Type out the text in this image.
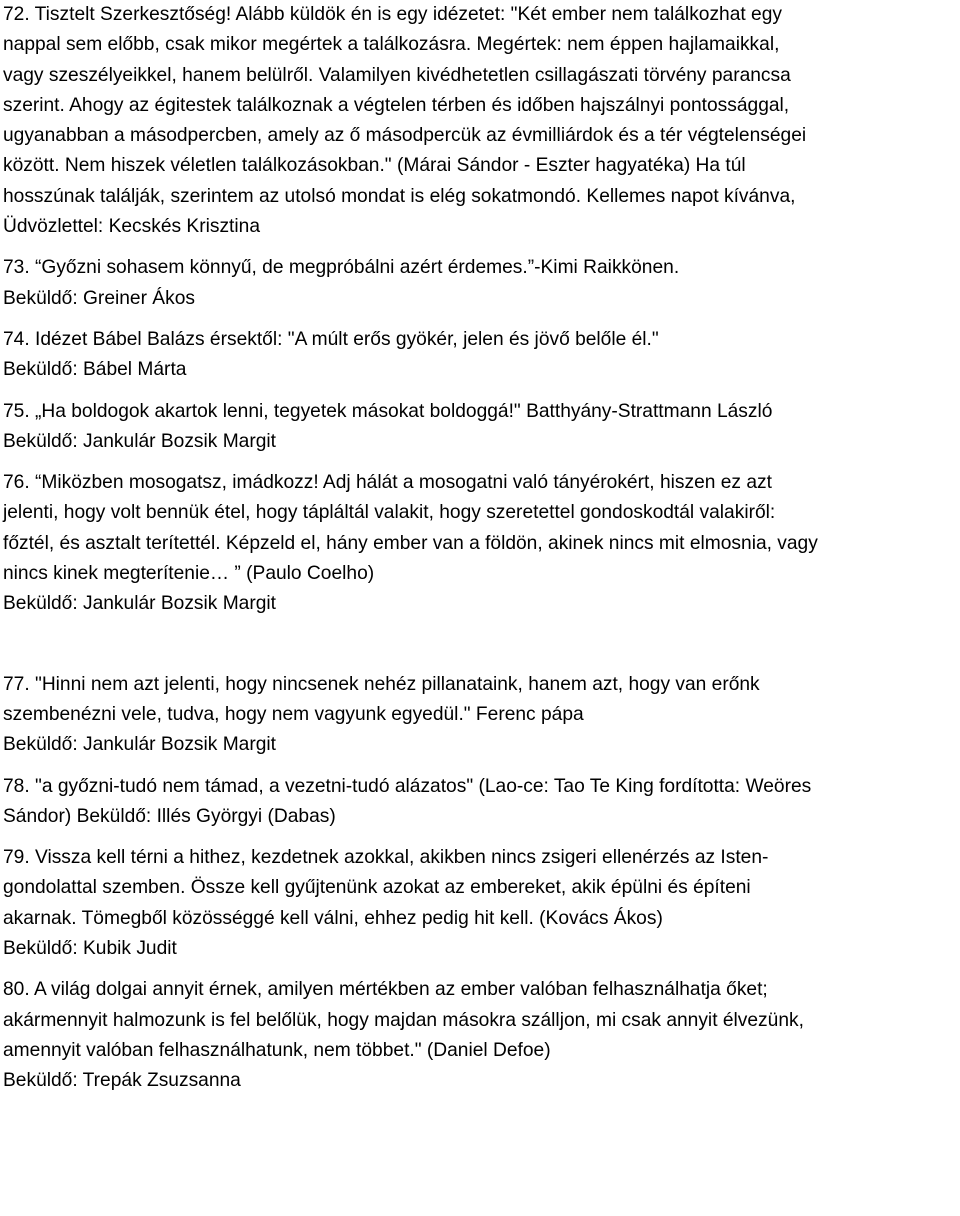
72. Tisztelt Szerkesztőség! Alább küldök én is egy idézetet: "Két ember nem találkozhat egy
nappal sem előbb, csak mikor megértek a találkozásra. Megértek: nem éppen hajlamaikkal,
vagy szeszélyeikkel, hanem belülről. Valamilyen kivédhetetlen csillagászati törvény parancsa
szerint. Ahogy az égitestek találkoznak a végtelen térben és időben hajszálnyi pontossággal,
ugyanabban a másodpercben, amely az ő másodpercük az évmilliárdok és a tér végtelenségei
között. Nem hiszek véletlen találkozásokban." (Márai Sándor - Eszter hagyatéka) Ha túl
hosszúnak találják, szerintem az utolsó mondat is elég sokatmondó. Kellemes napot kívánva,
Üdvözlettel: Kecskés Krisztina
73. “Győzni sohasem könnyű, de megpróbálni azért érdemes.”-Kimi Raikkönen.
Beküldő: Greiner Ákos
74. Idézet Bábel Balázs érsektől: "A múlt erős gyökér, jelen és jövő belőle él."
Beküldő: Bábel Márta
75. „Ha boldogok akartok lenni, tegyetek másokat boldoggá!" Batthyány-Strattmann László
Beküldő: Jankulár Bozsik Margit
76. “Miközben mosogatsz, imádkozz! Adj hálát a mosogatni való tányérokért, hiszen ez azt
jelenti, hogy volt bennük étel, hogy tápláltál valakit, hogy szeretettel gondoskodtál valakiről:
főztél, és asztalt terítettél. Képzeld el, hány ember van a földön, akinek nincs mit elmosnia, vagy
nincs kinek megterítenie… ” (Paulo Coelho)
Beküldő: Jankulár Bozsik Margit
77. "Hinni nem azt jelenti, hogy nincsenek nehéz pillanataink, hanem azt, hogy van erőnk
szembenézni vele, tudva, hogy nem vagyunk egyedül." Ferenc pápa
Beküldő: Jankulár Bozsik Margit
78. "a győzni-tudó nem támad, a vezetni-tudó alázatos" (Lao-ce: Tao Te King fordította: Weöres
Sándor) Beküldő: Illés Györgyi (Dabas)
79. Vissza kell térni a hithez, kezdetnek azokkal, akikben nincs zsigeri ellenérzés az Isten-
gondolattal szemben. Össze kell gyűjtenünk azokat az embereket, akik épülni és építeni
akarnak. Tömegből közösséggé kell válni, ehhez pedig hit kell. (Kovács Ákos)
Beküldő: Kubik Judit
80. A világ dolgai annyit érnek, amilyen mértékben az ember valóban felhasználhatja őket;
akármennyit halmozunk is fel belőlük, hogy majdan másokra szálljon, mi csak annyit élvezünk,
amennyit valóban felhasználhatunk, nem többet." (Daniel Defoe)
Beküldő: Trepák Zsuzsanna
